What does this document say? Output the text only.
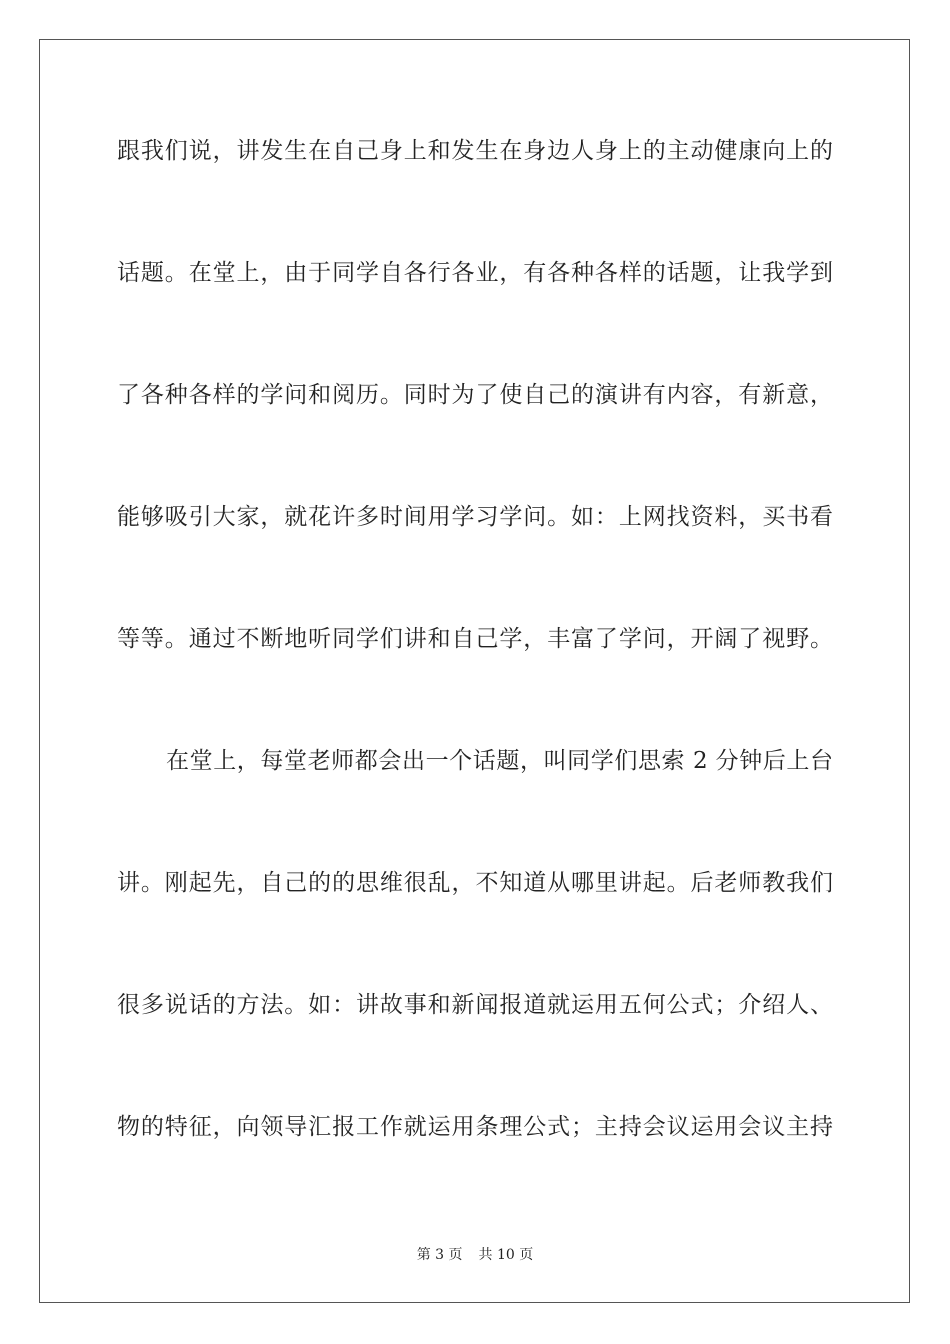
跟我们说，讲发生在自己身上和发生在身边人身上的主动健康向上的
话题。在堂上，由于同学自各行各业，有各种各样的话题，让我学到
了各种各样的学问和阅历。同时为了使自己的演讲有内容，有新意，
能够吸引大家，就花许多时间用学习学问。如：上网找资料，买书看
等等。通过不断地听同学们讲和自己学，丰富了学问，开阔了视野。
在堂上，每堂老师都会出一个话题，叫同学们思索 2 分钟后上台
讲。刚起先，自己的的思维很乱，不知道从哪里讲起。后老师教我们
很多说话的方法。如：讲故事和新闻报道就运用五何公式；介绍人、
物的特征，向领导汇报工作就运用条理公式；主持会议运用会议主持
第 3 页 共 10 页
